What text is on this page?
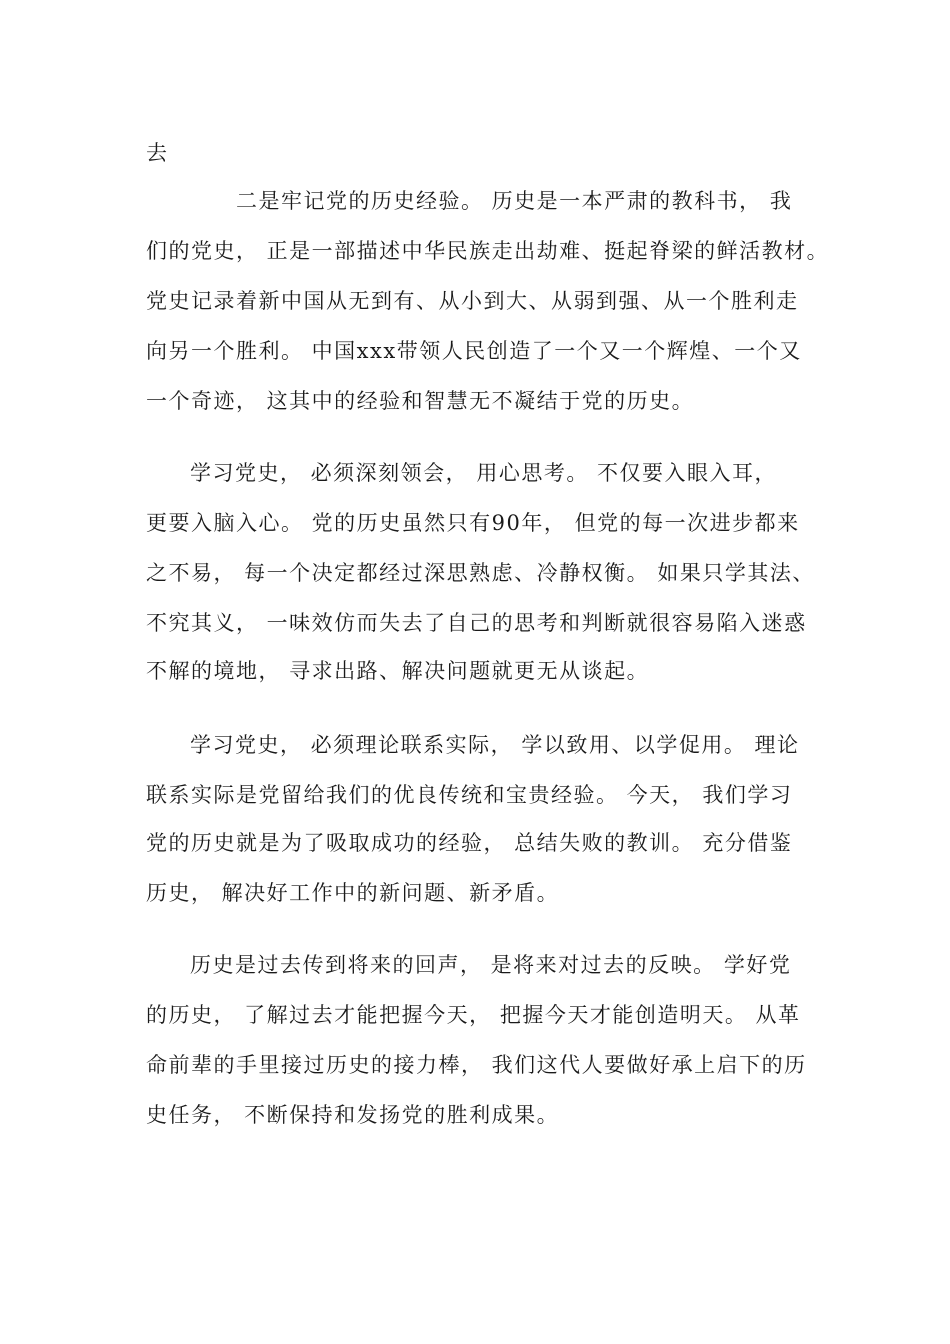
去
二是牢记党的历史经验。 历史是一本严肃的教科书， 我
们的党史， 正是一部描述中华民族走出劫难、挺起脊梁的鲜活教材。
党史记录着新中国从无到有、从小到大、从弱到强、从一个胜利走
向另一个胜利。 中国xxx带领人民创造了一个又一个辉煌、一个又
一个奇迹， 这其中的经验和智慧无不凝结于党的历史。
学习党史， 必须深刻领会， 用心思考。 不仅要入眼入耳，
更要入脑入心。 党的历史虽然只有90年， 但党的每一次进步都来
之不易， 每一个决定都经过深思熟虑、冷静权衡。 如果只学其法、
不究其义， 一味效仿而失去了自己的思考和判断就很容易陷入迷惑
不解的境地， 寻求出路、解决问题就更无从谈起。
学习党史， 必须理论联系实际， 学以致用、以学促用。 理论
联系实际是党留给我们的优良传统和宝贵经验。 今天， 我们学习
党的历史就是为了吸取成功的经验， 总结失败的教训。 充分借鉴
历史， 解决好工作中的新问题、新矛盾。
历史是过去传到将来的回声， 是将来对过去的反映。 学好党
的历史， 了解过去才能把握今天， 把握今天才能创造明天。 从革
命前辈的手里接过历史的接力棒， 我们这代人要做好承上启下的历
史任务， 不断保持和发扬党的胜利成果。
